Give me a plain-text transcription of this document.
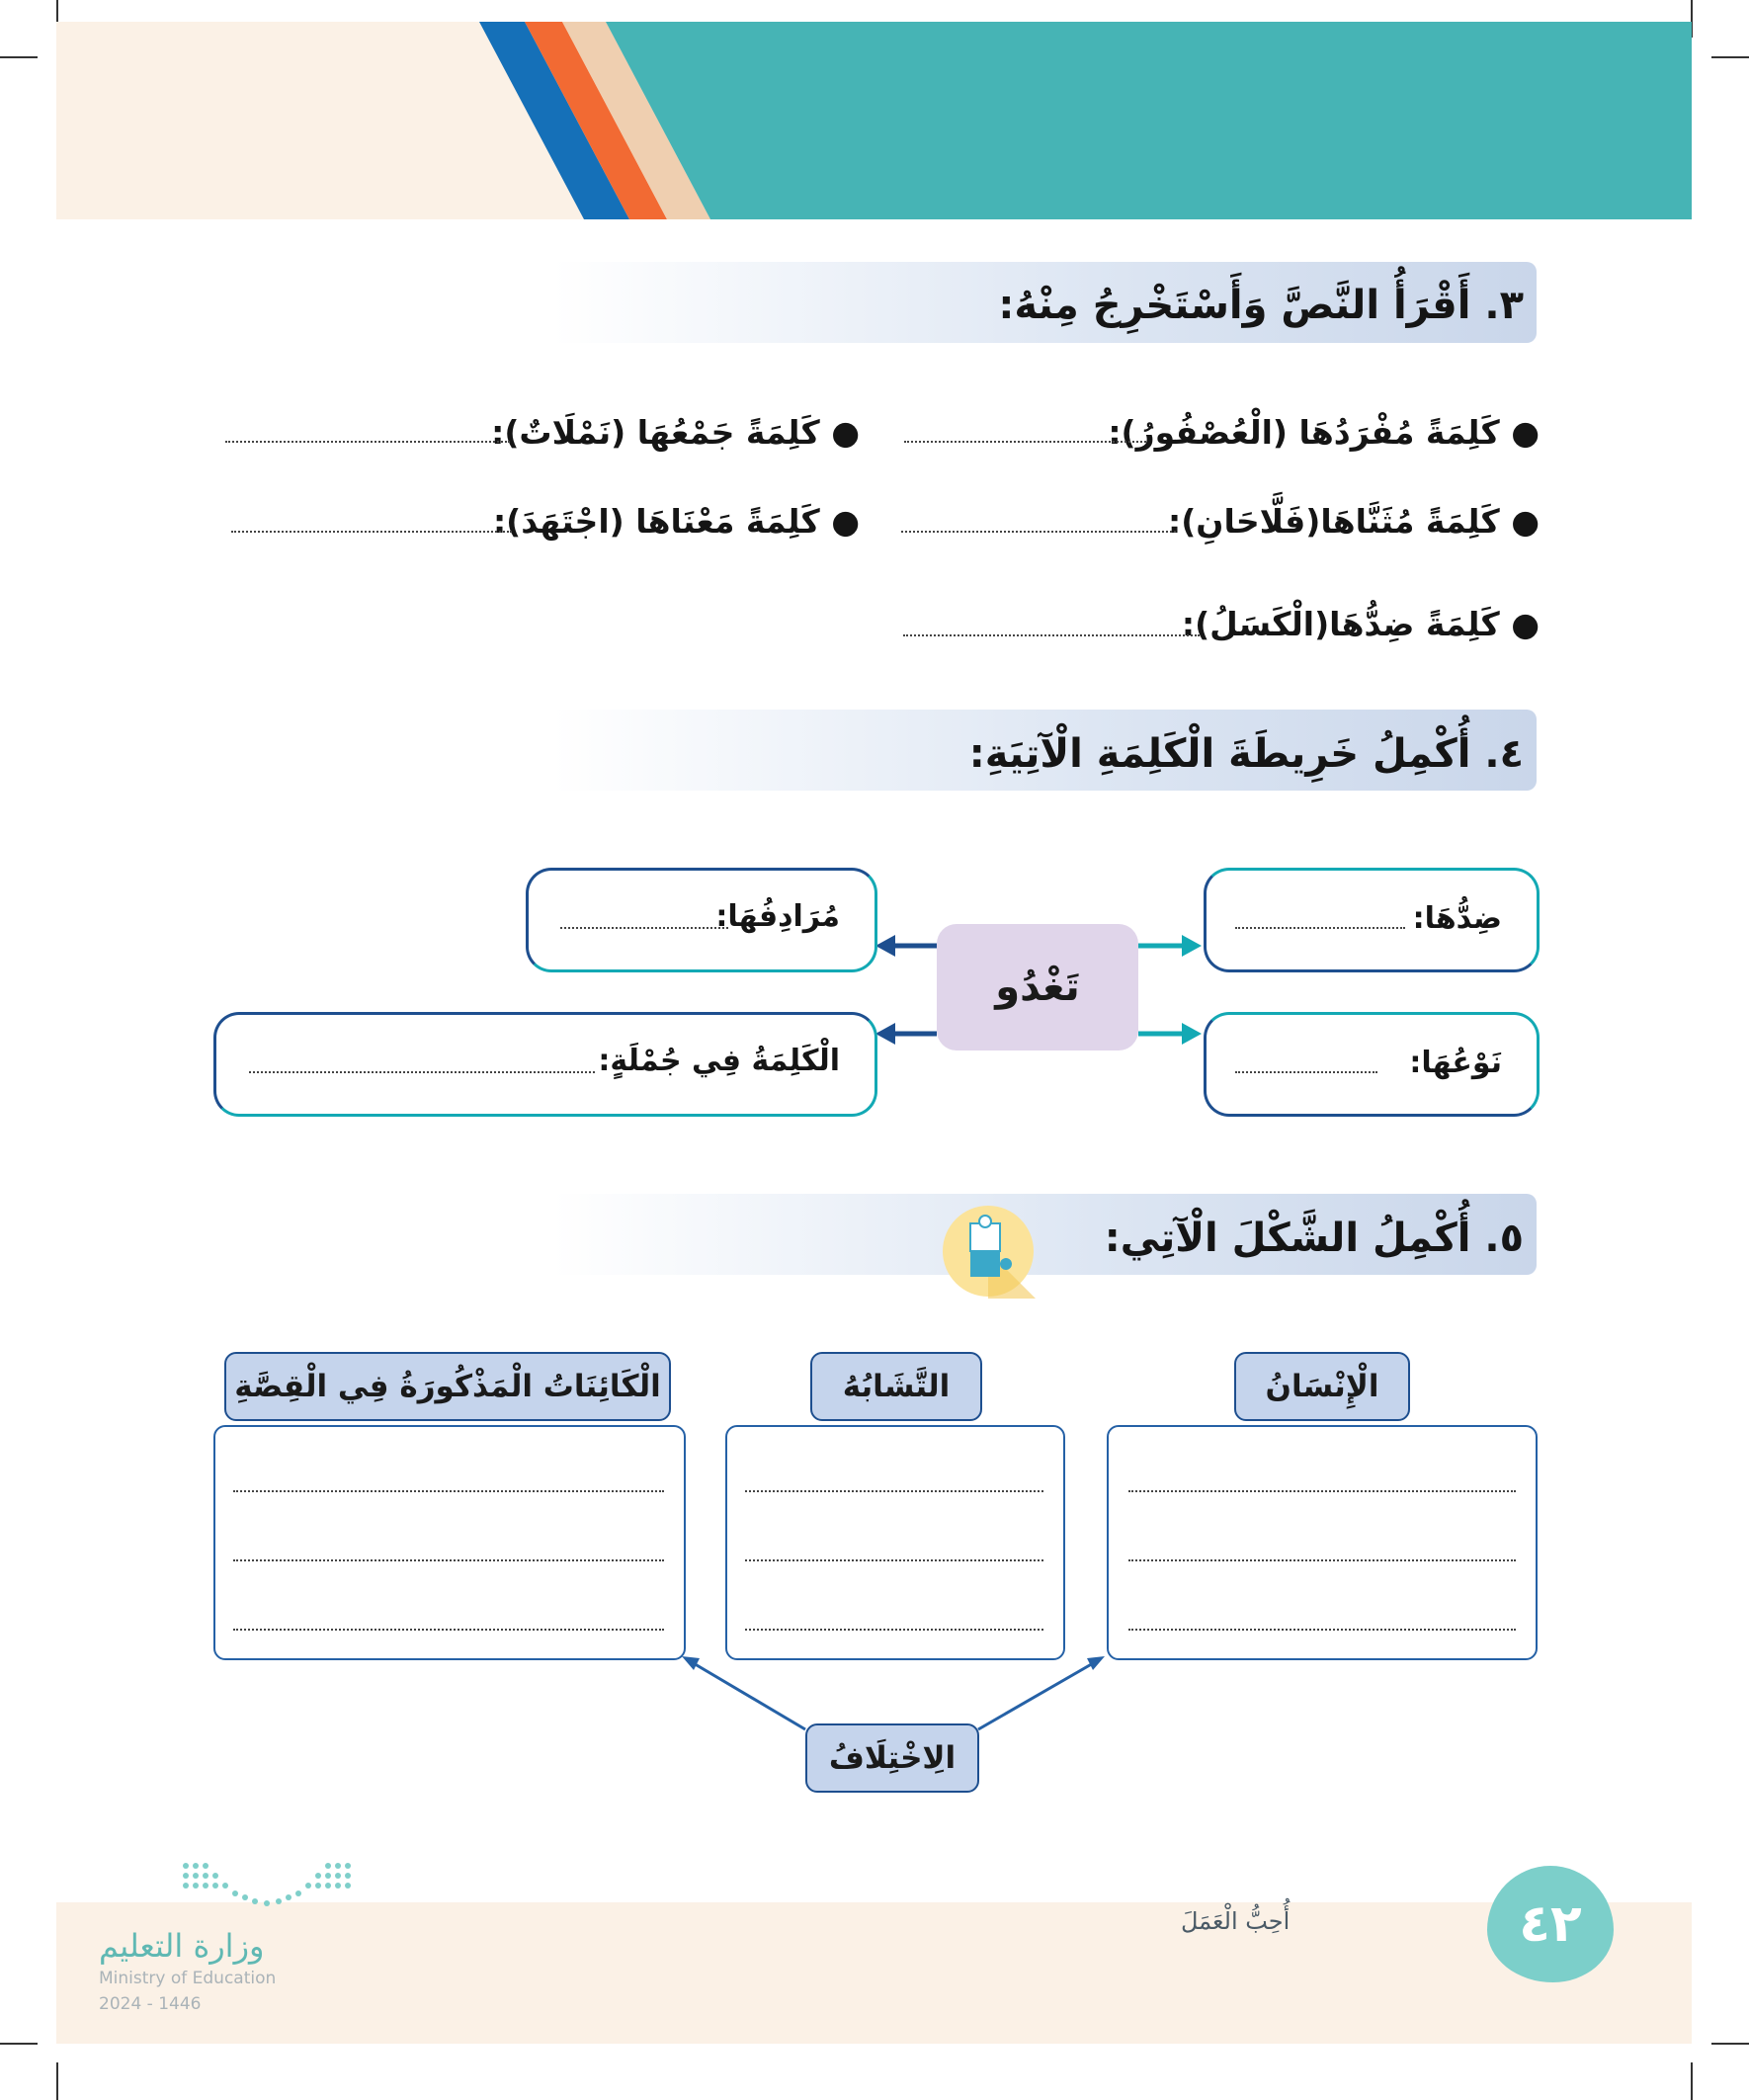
٣. أَقْرَأُ النَّصَّ وَأَسْتَخْرِجُ مِنْهُ:
● كَلِمَةً مُفْرَدُهَا (الْعُصْفُورُ):
● كَلِمَةً جَمْعُهَا (نَمْلَاتٌ):
● كَلِمَةً مُثَنَّاهَا(فَلَّاحَانِ):
● كَلِمَةً مَعْنَاهَا (اجْتَهَدَ):
● كَلِمَةً ضِدُّهَا(الْكَسَلُ):
٤. أُكْمِلُ خَرِيطَةَ الْكَلِمَةِ الْآتِيَةِ:
تَغْدُو
ضِدُّهَا:
مُرَادِفُهَا:
نَوْعُهَا:
الْكَلِمَةُ فِي جُمْلَةٍ:
٥. أُكْمِلُ الشَّكْلَ الْآتِي:
الْإِنْسَانُ
التَّشَابُهُ
الْكَائِنَاتُ الْمَذْكُورَةُ فِي الْقِصَّةِ
الِاخْتِلَافُ
٤٢
أُحِبُّ الْعَمَلَ
وزارة التعليم
Ministry of Education
2024 - 1446
